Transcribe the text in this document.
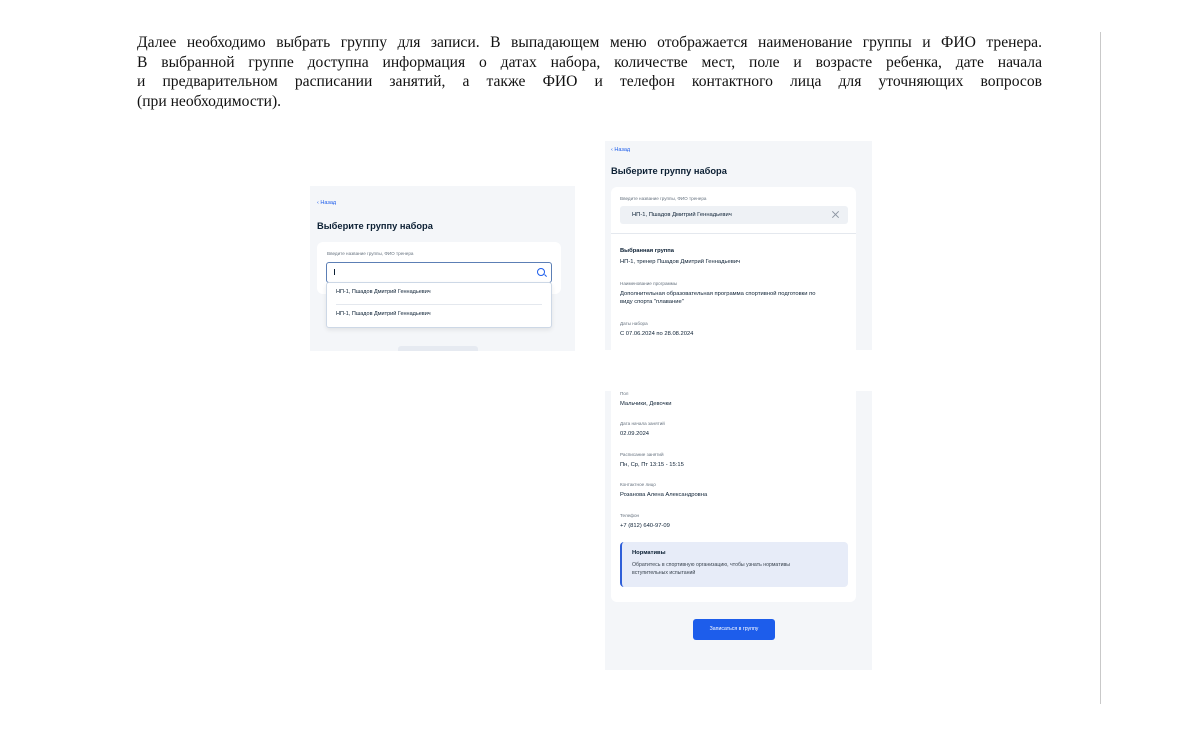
Далее необходимо выбрать группу для записи. В выпадающем меню отображается наименование группы и ФИО тренера.
В выбранной группе доступна информация о датах набора, количестве мест, поле и возрасте ребенка, дате начала
и предварительном расписании занятий, а также ФИО и телефон контактного лица для уточняющих вопросов
(при необходимости).

‹ Назад
Выберите группу набора
Введите название группы, ФИО тренера
НП-1, Пшадов Дмитрий Геннадьевич
НП-1, Пшадов Дмитрий Геннадьевич
‹ Назад
Выберите группу набора
Введите название группы, ФИО тренера
НП-1, Пшадов Дмитрий Геннадьевич
Выбранная группа
НП-1, тренер Пшадов Дмитрий Геннадьевич
Наименование программы
Дополнительная образовательная программа спортивной подготовки по
виду спорта "плавание"
Даты набора
С 07.06.2024 по 28.08.2024
Пол
Мальчики, Девочки
Дата начала занятий
02.09.2024
Расписание занятий
Пн, Ср, Пт 13:15 - 15:15
Контактное лицо
Розанова Алена Александровна
Телефон
+7 (812) 640-97-09
Нормативы
Обратитесь в спортивную организацию, чтобы узнать нормативы
вступительных испытаний
Записаться в группу
